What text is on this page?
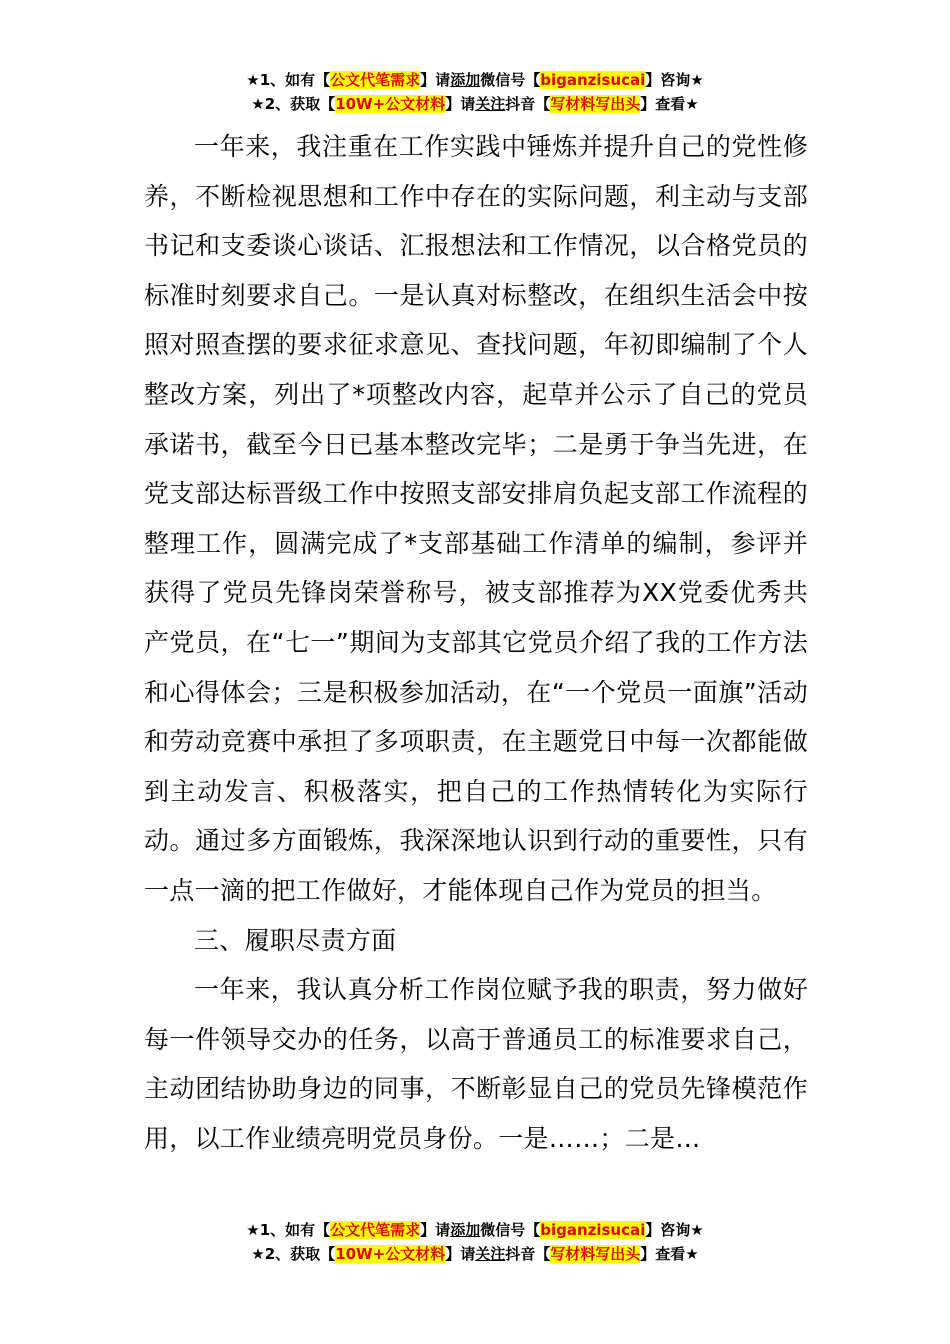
★1、如有【公文代笔需求】请添加微信号【biganzisucai】咨询★
★2、获取【10W+公文材料】请关注抖音【写材料写出头】查看★

一年来，我注重在工作实践中锤炼并提升自己的党性修养，不断检视思想和工作中存在的实际问题，利主动与支部书记和支委谈心谈话、汇报想法和工作情况，以合格党员的标准时刻要求自己。一是认真对标整改，在组织生活会中按照对照查摆的要求征求意见、查找问题，年初即编制了个人整改方案，列出了*项整改内容，起草并公示了自己的党员承诺书，截至今日已基本整改完毕；二是勇于争当先进，在党支部达标晋级工作中按照支部安排肩负起支部工作流程的整理工作，圆满完成了*支部基础工作清单的编制，参评并获得了党员先锋岗荣誉称号，被支部推荐为XX党委优秀共产党员，在“七一”期间为支部其它党员介绍了我的工作方法和心得体会；三是积极参加活动，在“一个党员一面旗”活动和劳动竞赛中承担了多项职责，在主题党日中每一次都能做到主动发言、积极落实，把自己的工作热情转化为实际行动。通过多方面锻炼，我深深地认识到行动的重要性，只有一点一滴的把工作做好，才能体现自己作为党员的担当。

三、履职尽责方面

一年来，我认真分析工作岗位赋予我的职责，努力做好每一件领导交办的任务，以高于普通员工的标准要求自己，主动团结协助身边的同事，不断彰显自己的党员先锋模范作用，以工作业绩亮明党员身份。一是……；二是…

★1、如有【公文代笔需求】请添加微信号【biganzisucai】咨询★
★2、获取【10W+公文材料】请关注抖音【写材料写出头】查看★
